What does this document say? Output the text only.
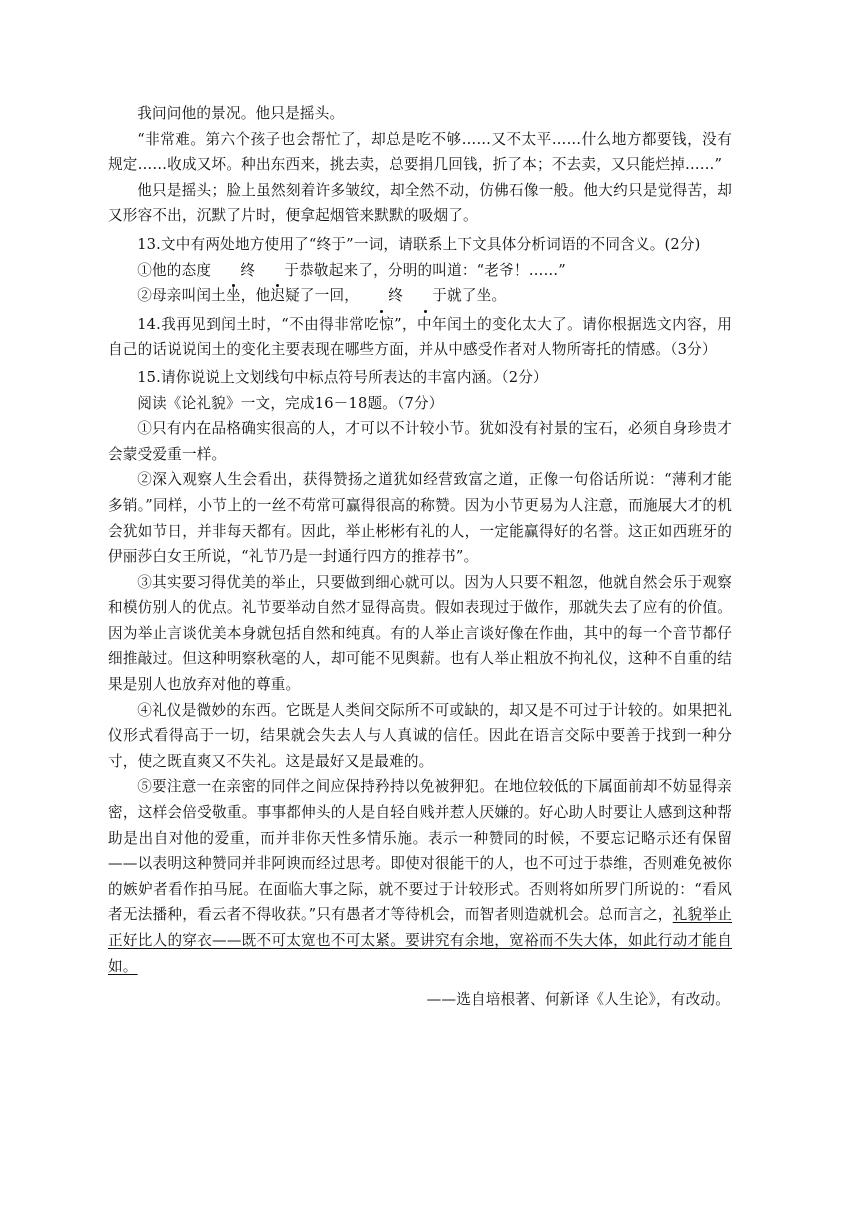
我问问他的景况。他只是摇头。

“非常难。第六个孩子也会帮忙了，却总是吃不够……又不太平……什么地方都要钱，没有规定……收成又坏。种出东西来，挑去卖，总要捐几回钱，折了本；不去卖，又只能烂掉……”

他只是摇头；脸上虽然刻着许多皱纹，却全然不动，仿佛石像一般。他大约只是觉得苦，却又形容不出，沉默了片时，便拿起烟管来默默的吸烟了。

13.文中有两处地方使用了“终于”一词，请联系上下文具体分析词语的不同含义。(2分)

①他的态度 终 于恭敬起来了，分明的叫道：“老爷！……”

②母亲叫闰土坐，他迟疑了一回， 终 于就了坐。

14.我再见到闰土时，“不由得非常吃惊”，中年闰土的变化太大了。请你根据选文内容，用自己的话说说闰土的变化主要表现在哪些方面，并从中感受作者对人物所寄托的情感。（3分）

15.请你说说上文划线句中标点符号所表达的丰富内涵。（2分）

阅读《论礼貌》一文，完成16－18题。（7分）

①只有内在品格确实很高的人，才可以不计较小节。犹如没有衬景的宝石，必须自身珍贵才会蒙受爱重一样。

②深入观察人生会看出，获得赞扬之道犹如经营致富之道，正像一句俗话所说：“薄利才能多销。”同样，小节上的一丝不苟常可赢得很高的称赞。因为小节更易为人注意，而施展大才的机会犹如节日，并非每天都有。因此，举止彬彬有礼的人，一定能赢得好的名誉。这正如西班牙的伊丽莎白女王所说，“礼节乃是一封通行四方的推荐书”。

③其实要习得优美的举止，只要做到细心就可以。因为人只要不粗忽，他就自然会乐于观察和模仿别人的优点。礼节要举动自然才显得高贵。假如表现过于做作，那就失去了应有的价值。因为举止言谈优美本身就包括自然和纯真。有的人举止言谈好像在作曲，其中的每一个音节都仔细推敲过。但这种明察秋毫的人，却可能不见舆薪。也有人举止粗放不拘礼仪，这种不自重的结果是别人也放弃对他的尊重。

④礼仪是微妙的东西。它既是人类间交际所不可或缺的，却又是不可过于计较的。如果把礼仪形式看得高于一切，结果就会失去人与人真诚的信任。因此在语言交际中要善于找到一种分寸，使之既直爽又不失礼。这是最好又是最难的。

⑤要注意一在亲密的同伴之间应保持矜持以免被狎犯。在地位较低的下属面前却不妨显得亲密，这样会倍受敬重。事事都伸头的人是自轻自贱并惹人厌嫌的。好心助人时要让人感到这种帮助是出自对他的爱重，而并非你天性多情乐施。表示一种赞同的时候，不要忘记略示还有保留——以表明这种赞同并非阿谀而经过思考。即使对很能干的人，也不可过于恭维，否则难免被你的嫉妒者看作拍马屁。在面临大事之际，就不要过于计较形式。否则将如所罗门所说的：“看风者无法播种，看云者不得收获。”只有愚者才等待机会，而智者则造就机会。总而言之，礼貌举止正好比人的穿衣——既不可太宽也不可太紧。要讲究有余地，宽裕而不失大体，如此行动才能自如。

——选自培根著、何新译《人生论》，有改动。
